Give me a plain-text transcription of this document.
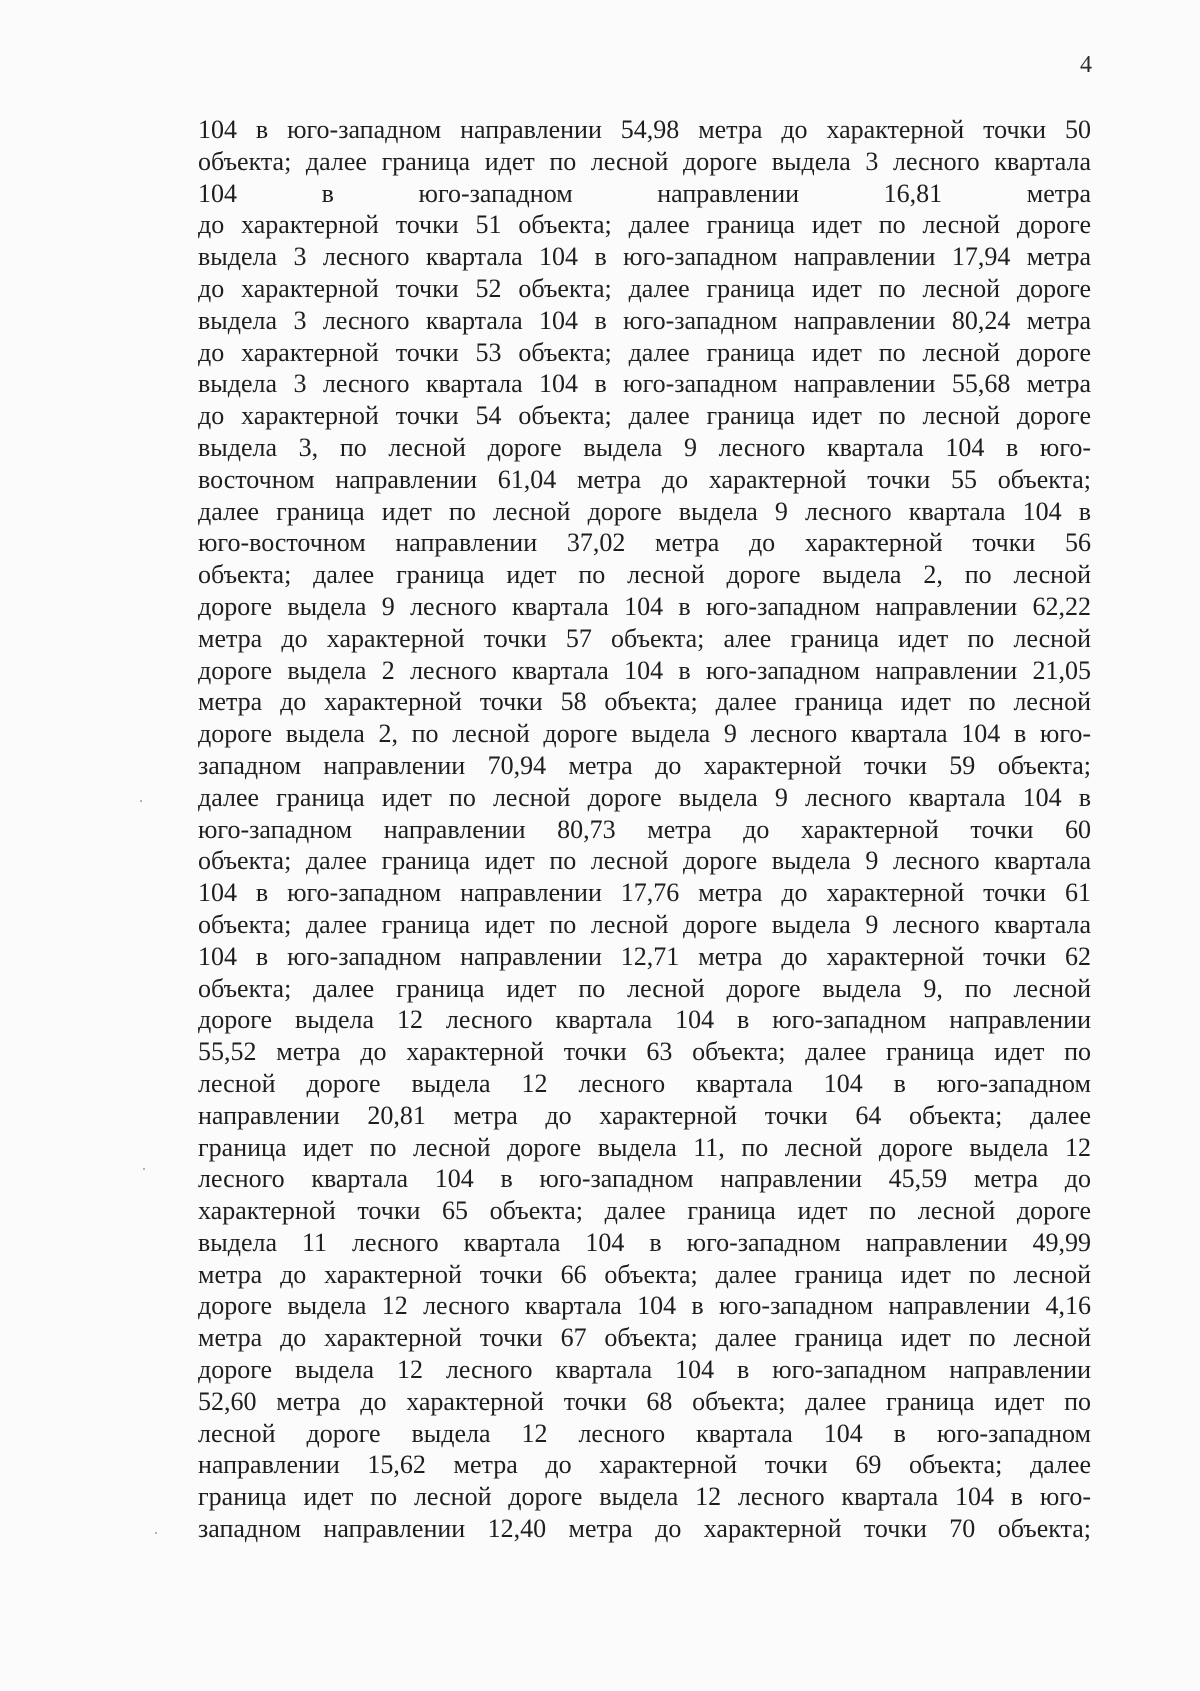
4
104 в юго-западном направлении 54,98 метра до характерной точки 50
объекта; далее граница идет по лесной дороге выдела 3 лесного квартала
104 в юго-западном направлении 16,81 метра
до характерной точки 51 объекта; далее граница идет по лесной дороге
выдела 3 лесного квартала 104 в юго-западном направлении 17,94 метра
до характерной точки 52 объекта; далее граница идет по лесной дороге
выдела 3 лесного квартала 104 в юго-западном направлении 80,24 метра
до характерной точки 53 объекта; далее граница идет по лесной дороге
выдела 3 лесного квартала 104 в юго-западном направлении 55,68 метра
до характерной точки 54 объекта; далее граница идет по лесной дороге
выдела 3, по лесной дороге выдела 9 лесного квартала 104 в юго-
восточном направлении 61,04 метра до характерной точки 55 объекта;
далее граница идет по лесной дороге выдела 9 лесного квартала 104 в
юго-восточном направлении 37,02 метра до характерной точки 56
объекта; далее граница идет по лесной дороге выдела 2, по лесной
дороге выдела 9 лесного квартала 104 в юго-западном направлении 62,22
метра до характерной точки 57 объекта; алее граница идет по лесной
дороге выдела 2 лесного квартала 104 в юго-западном направлении 21,05
метра до характерной точки 58 объекта; далее граница идет по лесной
дороге выдела 2, по лесной дороге выдела 9 лесного квартала 104 в юго-
западном направлении 70,94 метра до характерной точки 59 объекта;
далее граница идет по лесной дороге выдела 9 лесного квартала 104 в
юго-западном направлении 80,73 метра до характерной точки 60
объекта; далее граница идет по лесной дороге выдела 9 лесного квартала
104 в юго-западном направлении 17,76 метра до характерной точки 61
объекта; далее граница идет по лесной дороге выдела 9 лесного квартала
104 в юго-западном направлении 12,71 метра до характерной точки 62
объекта; далее граница идет по лесной дороге выдела 9, по лесной
дороге выдела 12 лесного квартала 104 в юго-западном направлении
55,52 метра до характерной точки 63 объекта; далее граница идет по
лесной дороге выдела 12 лесного квартала 104 в юго-западном
направлении 20,81 метра до характерной точки 64 объекта; далее
граница идет по лесной дороге выдела 11, по лесной дороге выдела 12
лесного квартала 104 в юго-западном направлении 45,59 метра до
характерной точки 65 объекта; далее граница идет по лесной дороге
выдела 11 лесного квартала 104 в юго-западном направлении 49,99
метра до характерной точки 66 объекта; далее граница идет по лесной
дороге выдела 12 лесного квартала 104 в юго-западном направлении 4,16
метра до характерной точки 67 объекта; далее граница идет по лесной
дороге выдела 12 лесного квартала 104 в юго-западном направлении
52,60 метра до характерной точки 68 объекта; далее граница идет по
лесной дороге выдела 12 лесного квартала 104 в юго-западном
направлении 15,62 метра до характерной точки 69 объекта; далее
граница идет по лесной дороге выдела 12 лесного квартала 104 в юго-
западном направлении 12,40 метра до характерной точки 70 объекта;
